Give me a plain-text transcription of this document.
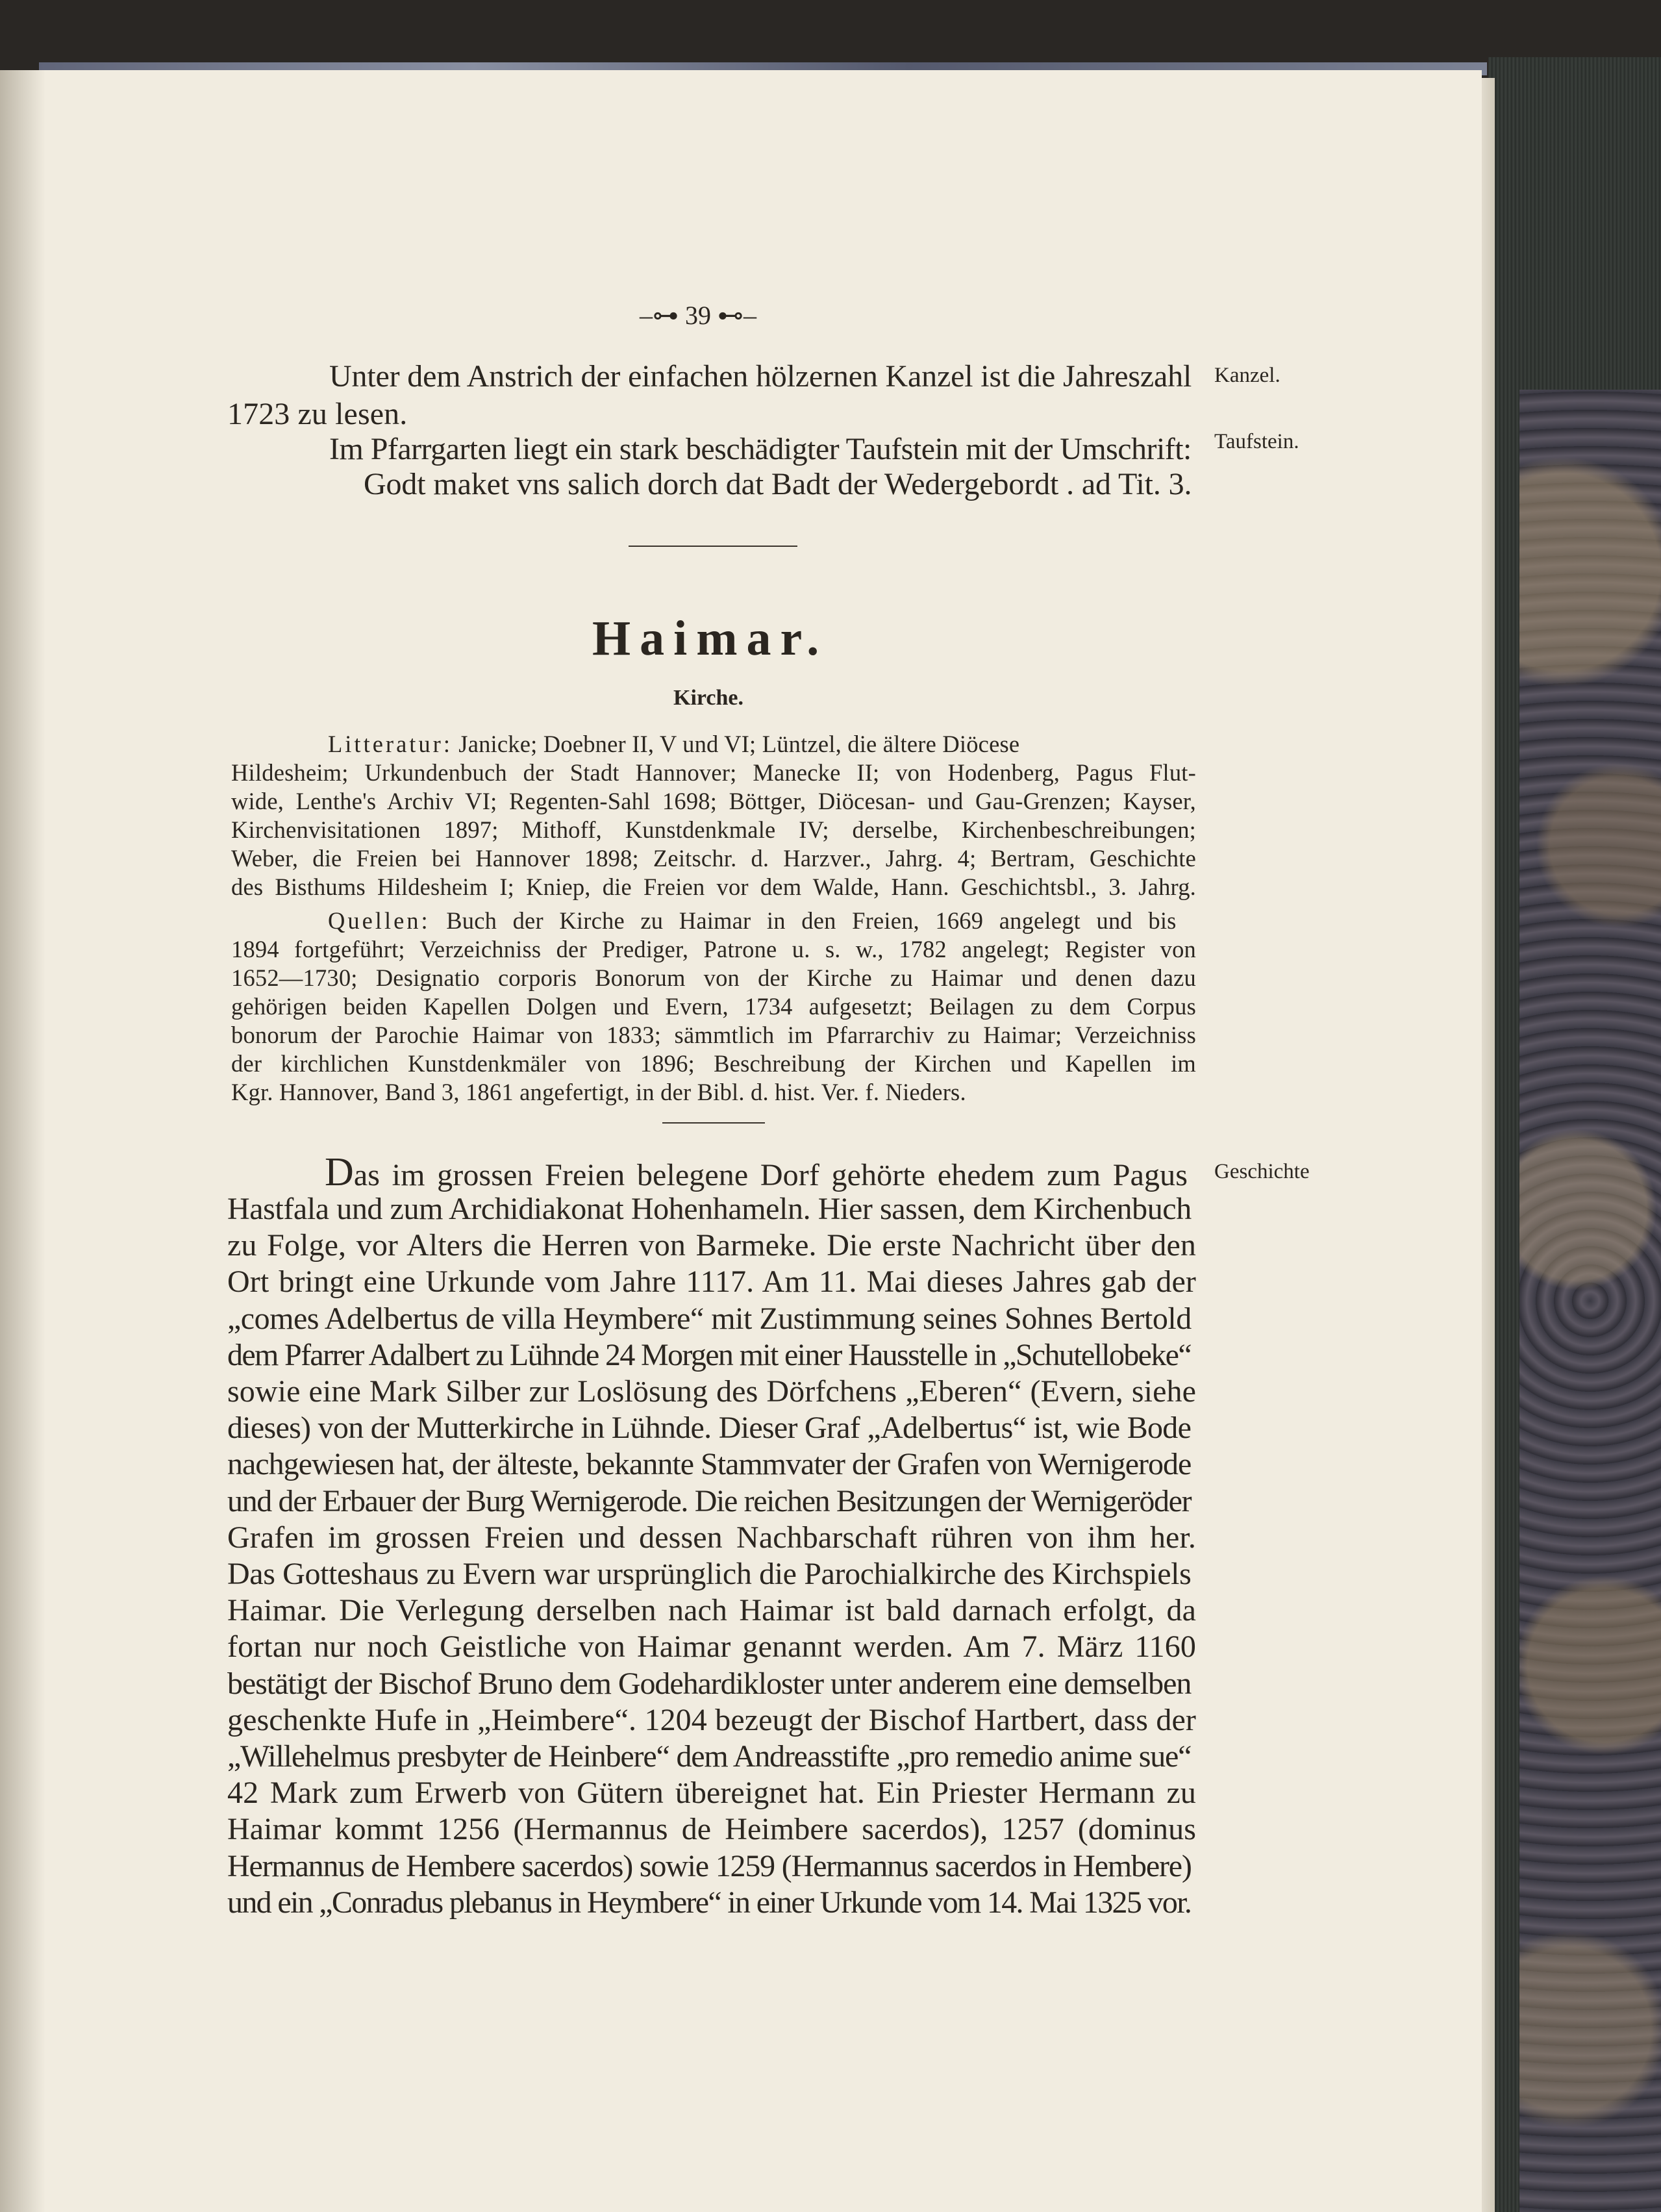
–⊶ 39 ⊷–
1723 zu lesen.
Im Pfarrgarten liegt ein stark beschädigter Taufstein mit der Umschrift:
Godt maket vns salich dorch dat Badt der Wedergebordt . ad Tit. 3.
Kanzel.
Taufstein.
Haimar.
Kirche.
Litteratur: Janicke; Doebner II, V und VI; Lüntzel, die ältere Diöcese
Hildesheim; Urkundenbuch der Stadt Hannover; Manecke II; von Hodenberg, Pagus Flut-
wide, Lenthe's Archiv VI; Regenten-Sahl 1698; Böttger, Diöcesan- und Gau-Grenzen; Kayser,
Kirchenvisitationen 1897; Mithoff, Kunstdenkmale IV; derselbe, Kirchenbeschreibungen;
Weber, die Freien bei Hannover 1898; Zeitschr. d. Harzver., Jahrg. 4; Bertram, Geschichte
des Bisthums Hildesheim I; Kniep, die Freien vor dem Walde, Hann. Geschichtsbl., 3. Jahrg.
Quellen: Buch der Kirche zu Haimar in den Freien, 1669 angelegt und bis
1894 fortgeführt; Verzeichniss der Prediger, Patrone u. s. w., 1782 angelegt; Register von
1652—1730; Designatio corporis Bonorum von der Kirche zu Haimar und denen dazu
gehörigen beiden Kapellen Dolgen und Evern, 1734 aufgesetzt; Beilagen zu dem Corpus
bonorum der Parochie Haimar von 1833; sämmtlich im Pfarrarchiv zu Haimar; Verzeichniss
der kirchlichen Kunstdenkmäler von 1896; Beschreibung der Kirchen und Kapellen im
Kgr. Hannover, Band 3, 1861 angefertigt, in der Bibl. d. hist. Ver. f. Nieders.
Geschichte
Das im grossen Freien belegene Dorf gehörte ehedem zum Pagus
Hastfala und zum Archidiakonat Hohenhameln. Hier sassen, dem Kirchenbuch
zu Folge, vor Alters die Herren von Barmeke. Die erste Nachricht über den
Ort bringt eine Urkunde vom Jahre 1117. Am 11. Mai dieses Jahres gab der
„comes Adelbertus de villa Heymbere“ mit Zustimmung seines Sohnes Bertold
dem Pfarrer Adalbert zu Lühnde 24 Morgen mit einer Hausstelle in „Schutellobeke“
sowie eine Mark Silber zur Loslösung des Dörfchens „Eberen“ (Evern, siehe
dieses) von der Mutterkirche in Lühnde. Dieser Graf „Adelbertus“ ist, wie Bode
nachgewiesen hat, der älteste, bekannte Stammvater der Grafen von Wernigerode
und der Erbauer der Burg Wernigerode. Die reichen Besitzungen der Wernigeröder
Grafen im grossen Freien und dessen Nachbarschaft rühren von ihm her.
Das Gotteshaus zu Evern war ursprünglich die Parochialkirche des Kirchspiels
Haimar. Die Verlegung derselben nach Haimar ist bald darnach erfolgt, da
fortan nur noch Geistliche von Haimar genannt werden. Am 7. März 1160
bestätigt der Bischof Bruno dem Godehardikloster unter anderem eine demselben
geschenkte Hufe in „Heimbere“. 1204 bezeugt der Bischof Hartbert, dass der
„Willehelmus presbyter de Heinbere“ dem Andreasstifte „pro remedio anime sue“
42 Mark zum Erwerb von Gütern übereignet hat. Ein Priester Hermann zu
Haimar kommt 1256 (Hermannus de Heimbere sacerdos), 1257 (dominus
Hermannus de Hembere sacerdos) sowie 1259 (Hermannus sacerdos in Hembere)
und ein „Conradus plebanus in Heymbere“ in einer Urkunde vom 14. Mai 1325 vor.
Unter dem Anstrich der einfachen hölzernen Kanzel ist die Jahreszahl
